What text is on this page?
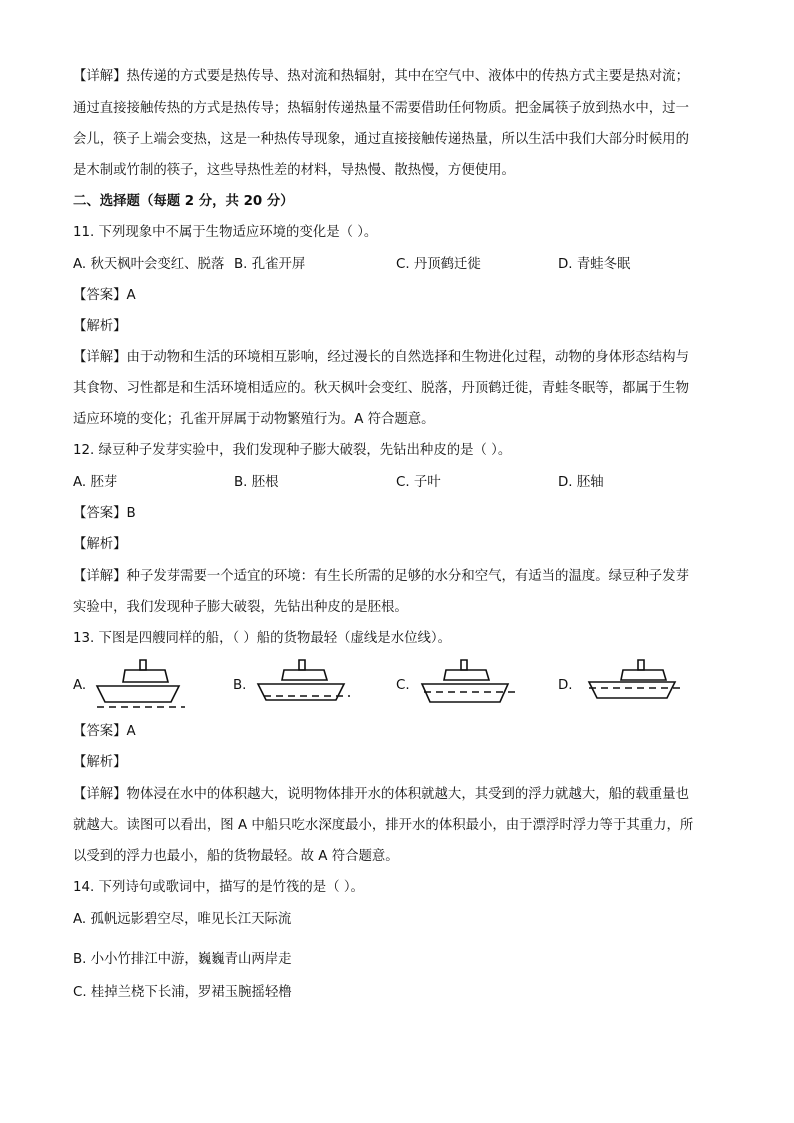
【详解】热传递的方式要是热传导、热对流和热辐射，其中在空气中、液体中的传热方式主要是热对流；
通过直接接触传热的方式是热传导；热辐射传递热量不需要借助任何物质。把金属筷子放到热水中，过一
会儿，筷子上端会变热，这是一种热传导现象，通过直接接触传递热量，所以生活中我们大部分时候用的
是木制或竹制的筷子，这些导热性差的材料，导热慢、散热慢，方便使用。
二、选择题（每题 2 分，共 20 分）
11. 下列现象中不属于生物适应环境的变化是（ ）。
A. 秋天枫叶会变红、脱落 B. 孔雀开屏	C. 丹顶鹤迁徙	D. 青蛙冬眠
【答案】A
【解析】
【详解】由于动物和生活的环境相互影响，经过漫长的自然选择和生物进化过程，动物的身体形态结构与
其食物、习性都是和生活环境相适应的。秋天枫叶会变红、脱落，丹顶鹤迁徙，青蛙冬眠等，都属于生物
适应环境的变化；孔雀开屏属于动物繁殖行为。A 符合题意。
12. 绿豆种子发芽实验中，我们发现种子膨大破裂，先钻出种皮的是（ ）。
A. 胚芽	B. 胚根	C. 子叶	D. 胚轴
【答案】B
【解析】
【详解】种子发芽需要一个适宜的环境：有生长所需的足够的水分和空气，有适当的温度。绿豆种子发芽
实验中，我们发现种子膨大破裂，先钻出种皮的是胚根。
13. 下图是四艘同样的船，（ ）船的货物最轻（虚线是水位线）。
A.	B.	C.	D.
【答案】A
【解析】
【详解】物体浸在水中的体积越大，说明物体排开水的体积就越大，其受到的浮力就越大，船的载重量也
就越大。读图可以看出，图 A 中船只吃水深度最小，排开水的体积最小，由于漂浮时浮力等于其重力，所
以受到的浮力也最小，船的货物最轻。故 A 符合题意。
14. 下列诗句或歌词中，描写的是竹筏的是（ ）。
A. 孤帆远影碧空尽，唯见长江天际流
B. 小小竹排江中游，巍巍青山两岸走
C. 桂掉兰桡下长浦，罗裙玉腕摇轻橹
